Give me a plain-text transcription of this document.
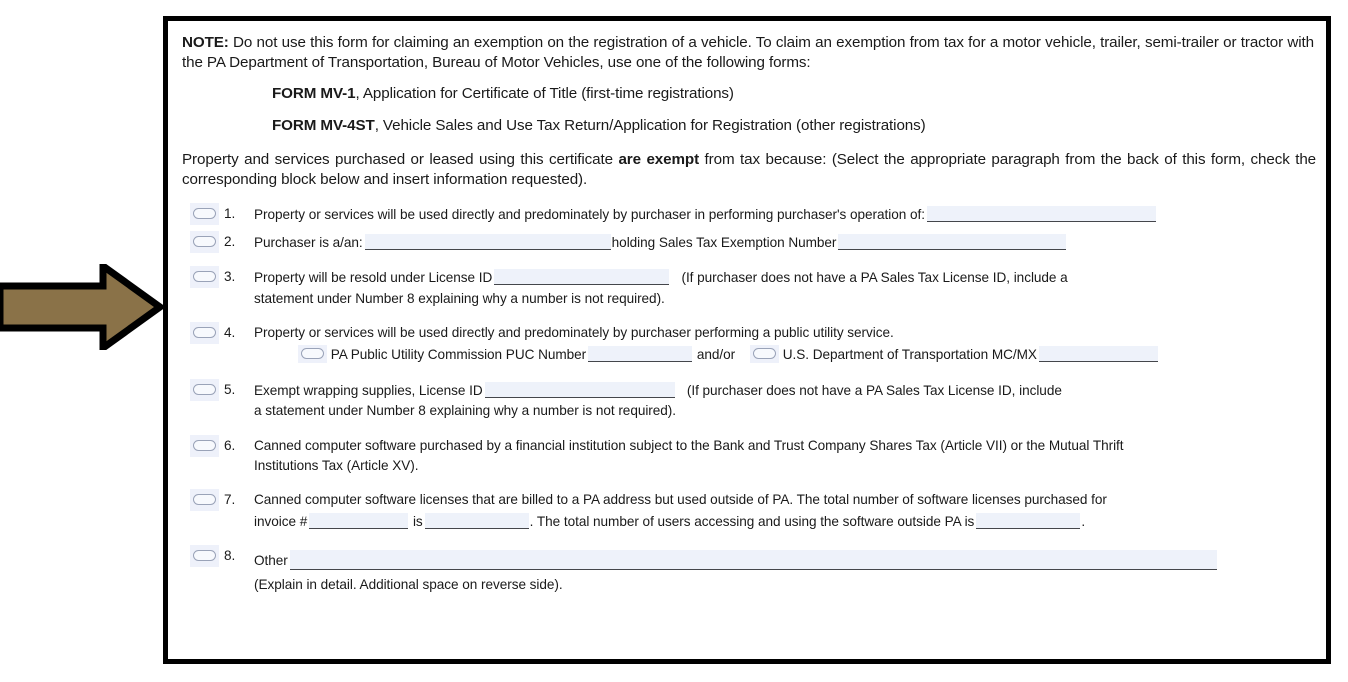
NOTE: Do not use this form for claiming an exemption on the registration of a vehicle. To claim an exemption from tax for a motor vehicle, trailer, semi-trailer or tractor with the PA Department of Transportation, Bureau of Motor Vehicles, use one of the following forms:
FORM MV-1, Application for Certificate of Title (first-time registrations)
FORM MV-4ST, Vehicle Sales and Use Tax Return/Application for Registration (other registrations)
Property and services purchased or leased using this certificate are exempt from tax because: (Select the appropriate paragraph from the back of this form, check the corresponding block below and insert information requested).
1.	Property or services will be used directly and predominately by purchaser in performing purchaser's operation of:
2.	Purchaser is a/an:	holding Sales Tax Exemption Number
3.	Property will be resold under License ID	(If purchaser does not have a PA Sales Tax License ID, include a
statement under Number 8 explaining why a number is not required).
4.	Property or services will be used directly and predominately by purchaser performing a public utility service.
PA Public Utility Commission PUC Number	and/or	U.S. Department of Transportation MC/MX
5.	Exempt wrapping supplies, License ID	(If purchaser does not have a PA Sales Tax License ID, include
a statement under Number 8 explaining why a number is not required).
6.	Canned computer software purchased by a financial institution subject to the Bank and Trust Company Shares Tax (Article VII) or the Mutual Thrift
Institutions Tax (Article XV).
7.	Canned computer software licenses that are billed to a PA address but used outside of PA. The total number of software licenses purchased for
invoice #	is	. The total number of users accessing and using the software outside PA is	.
8.	Other
(Explain in detail. Additional space on reverse side).
